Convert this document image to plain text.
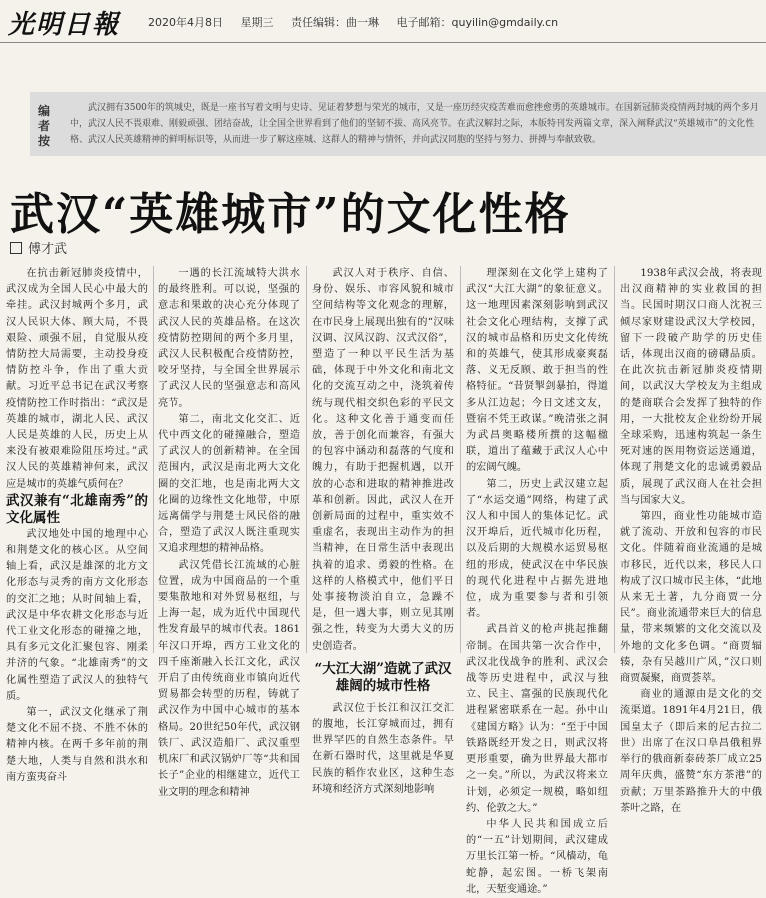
光明日報	2020年4月8日 星期三 责任编辑：曲一琳 电子邮箱：quyilin@gmdaily.cn
编者按
武汉拥有3500年的筑城史，既是一座书写着文明与史诗、见证着梦想与荣光的城市，又是一座历经灾疫苦难而愈挫愈勇的英雄城市。在国新冠肺炎疫情两封城的两个多月中，武汉人民不畏艰难、刚毅顽强、团结奋战，让全国全世界看到了他们的坚韧不拔、高风亮节。在武汉解封之际，本版特刊发两篇文章，深入阐释武汉“英雄城市”的文化性格、武汉人民英雄精神的鲜明标识等，从而进一步了解这座城、这群人的精神与情怀，并向武汉同胞的坚持与努力、拼搏与奉献致敬。
武汉“英雄城市”的文化性格
傅才武

在抗击新冠肺炎疫情中，武汉成为全国人民心中最大的牵挂。武汉封城两个多月，武汉人民识大体、顾大局，不畏艰险、顽强不屈，自觉服从疫情防控大局需要，主动投身疫情防控斗争，作出了重大贡献。习近平总书记在武汉考察疫情防控工作时指出：“武汉是英雄的城市，湖北人民、武汉人民是英雄的人民，历史上从来没有被艰难险阻压垮过。”武汉人民的英雄精神何来，武汉应是城市的英雄气质何在？

武汉兼有“北雄南秀”的文化属性

武汉地处中国的地理中心和荆楚文化的核心区。从空间轴上看，武汉是雄深的北方文化形态与灵秀的南方文化形态的交汇之地；从时间轴上看，武汉是中华农耕文化形态与近代工业文化形态的碰撞之地，具有多元文化汇聚包容、刚柔并济的气象。“北雄南秀”的文化属性塑造了武汉人的独特气质。

第一，武汉文化继承了荆楚文化不屈不挠、不胜不休的精神内核。在两千多年前的荆楚大地，人类与自然和洪水和南方蛮夷奋斗

一遇的长江流域特大洪水的最终胜利。可以说，坚强的意志和果敢的决心充分体现了武汉人民的英雄品格。在这次疫情防控期间的两个多月里，武汉人民积极配合疫情防控，咬牙坚持，与全国全世界展示了武汉人民的坚强意志和高风亮节。

第二，南北文化交汇、近代中西文化的碰撞融合，塑造了武汉人的创新精神。在全国范围内，武汉是南北两大文化圈的交汇地，也是南北两大文化圈的边缘性文化地带，中原远离儒学与荆楚士风民俗的融合，塑造了武汉人既注重现实又追求理想的精神品格。

武汉凭借长江流域的心脏位置，成为中国商品的一个重要集散地和对外贸易枢纽，与上海一起，成为近代中国现代性发育最早的城市代表。1861年汉口开埠，西方工业文化的四千座渐融入长江文化，武汉开启了由传统商业市镇向近代贸易都会转型的历程，铸就了武汉作为中国中心城市的基本格局。20世纪50年代，武汉钢铁厂、武汉造船厂、武汉重型机床厂和武汉锅炉厂等“共和国长子”企业的相继建立，近代工业文明的理念和精神

武汉人对于秩序、自信、身份、娱乐、市容风貌和城市空间结构等文化观念的理解，在市民身上展现出独有的“汉味汉调、汉风汉韵、汉式汉俗”，塑造了一种以平民生活为基础，体现于中外文化和南北文化的交流互动之中，浇筑着传统与现代相交织色彩的平民文化。这种文化善于通变而任放，善于创化而兼容，有强大的包容中涵动和磊落的气度和魄力，有助于把握机遇，以开放的心态和进取的精神推进改革和创新。因此，武汉人在开创新局面的过程中，重实效不重虚名，表现出主动作为的担当精神，在日常生活中表现出执着的追求、勇毅的性格。在这样的人格模式中，他们平日处事接物淡泊自立，急躁不是，但一遇大事，则立见其刚强之性，转变为大勇大义的历史创造者。

“大江大湖”造就了武汉雄阔的城市性格

武汉位于长江和汉江交汇的腹地，长江穿城而过，拥有世界罕匹的自然生态条件。早在新石器时代，这里就是华夏民族的稻作农业区，这种生态环境和经济方式深刻地影响

理深刻在文化学上建构了武汉“大江大湖”的象征意义。这一地理因素深刻影响到武汉社会文化心理结构，支撑了武汉的城市品格和历史文化传统和的英雄气，使其形成豪爽磊落、义无反顾、敢于担当的性格特征。“昔贤掣剑暴拍，得道多从江边起；今日文述文友，暨宿不凭王政谋。”晚清张之洞为武昌奥略楼所撰的这幅楹联，道出了蕴藏于武汉人心中的宏阔气魄。

第二，历史上武汉建立起了“水运交通”网络，构建了武汉人和中国人的集体记忆。武汉开埠后，近代城市化历程，以及后期的大规模水运贸易枢纽的形成，使武汉在中华民族的现代化进程中占据先进地位，成为重要参与者和引领者。

武昌首义的枪声挑起推翻帝制。在国共第一次合作中，武汉北伐战争的胜利、武汉会战等历史进程中，武汉与独立、民主、富强的民族现代化进程紧密联系在一起。孙中山《建国方略》认为：“至于中国铁路既经开发之日，则武汉将更形重要，确为世界最大都市之一矣。”所以，为武汉将来立计划，必须定一规模，略如纽约、伦敦之大。”

中华人民共和国成立后的“一五”计划期间，武汉建成万里长江第一桥。“风樯动，龟蛇静，起宏图。一桥飞架南北，天堑变通途。”

1938年武汉会战，将表现出汉商精神的实业救国的担当。民国时期汉口商人沈祝三倾尽家财建设武汉大学校园，留下一段破产助学的历史佳话，体现出汉商的磅礴品质。在此次抗击新冠肺炎疫情期间，以武汉大学校友为主组成的楚商联合会发挥了独特的作用，一大批校友企业纷纷开展全球采购，迅速构筑起一条生死对速的医用物资运送通道，体现了荆楚文化的忠诚勇毅品质，展现了武汉商人在社会担当与国家大义。

第四，商业性功能城市造就了流动、开放和包容的市民文化。伴随着商业流通的是城市移民，近代以来，移民人口构成了汉口城市民主体，“此地从来无土著，九分商贾一分民”。商业流通带来巨大的信息量，带来频繁的文化交流以及外地的文化多色调。“商贾辐辏，杂有吴越川广风，”汉口则商贾凝聚，商贾荟萃。

商业的通源由是文化的交流渠道。1891年4月21日，俄国皇太子（即后来的尼古拉二世）出席了在汉口阜昌俄租界举行的俄商新泰砖茶厂成立25周年庆典，盛赞“东方茶港”的贡献；万里茶路推升大的中俄茶叶之路，在
